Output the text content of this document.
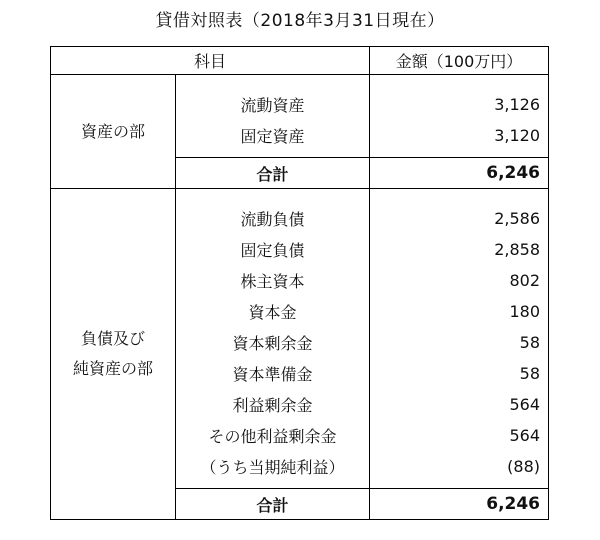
貸借対照表（2018年3月31日現在）
科目		金額（100万円）
資産の部	流動資産	3,126
	固定資産	3,120
	合計	6,246

負債及び
純資産の部	流動負債	2,586
	固定負債	2,858
	株主資本	802
	資本金	180
	資本剰余金	58
	資本準備金	58
	利益剰余金	564
	その他利益剰余金	564
	（うち当期純利益）	(88)
	合計	6,246
